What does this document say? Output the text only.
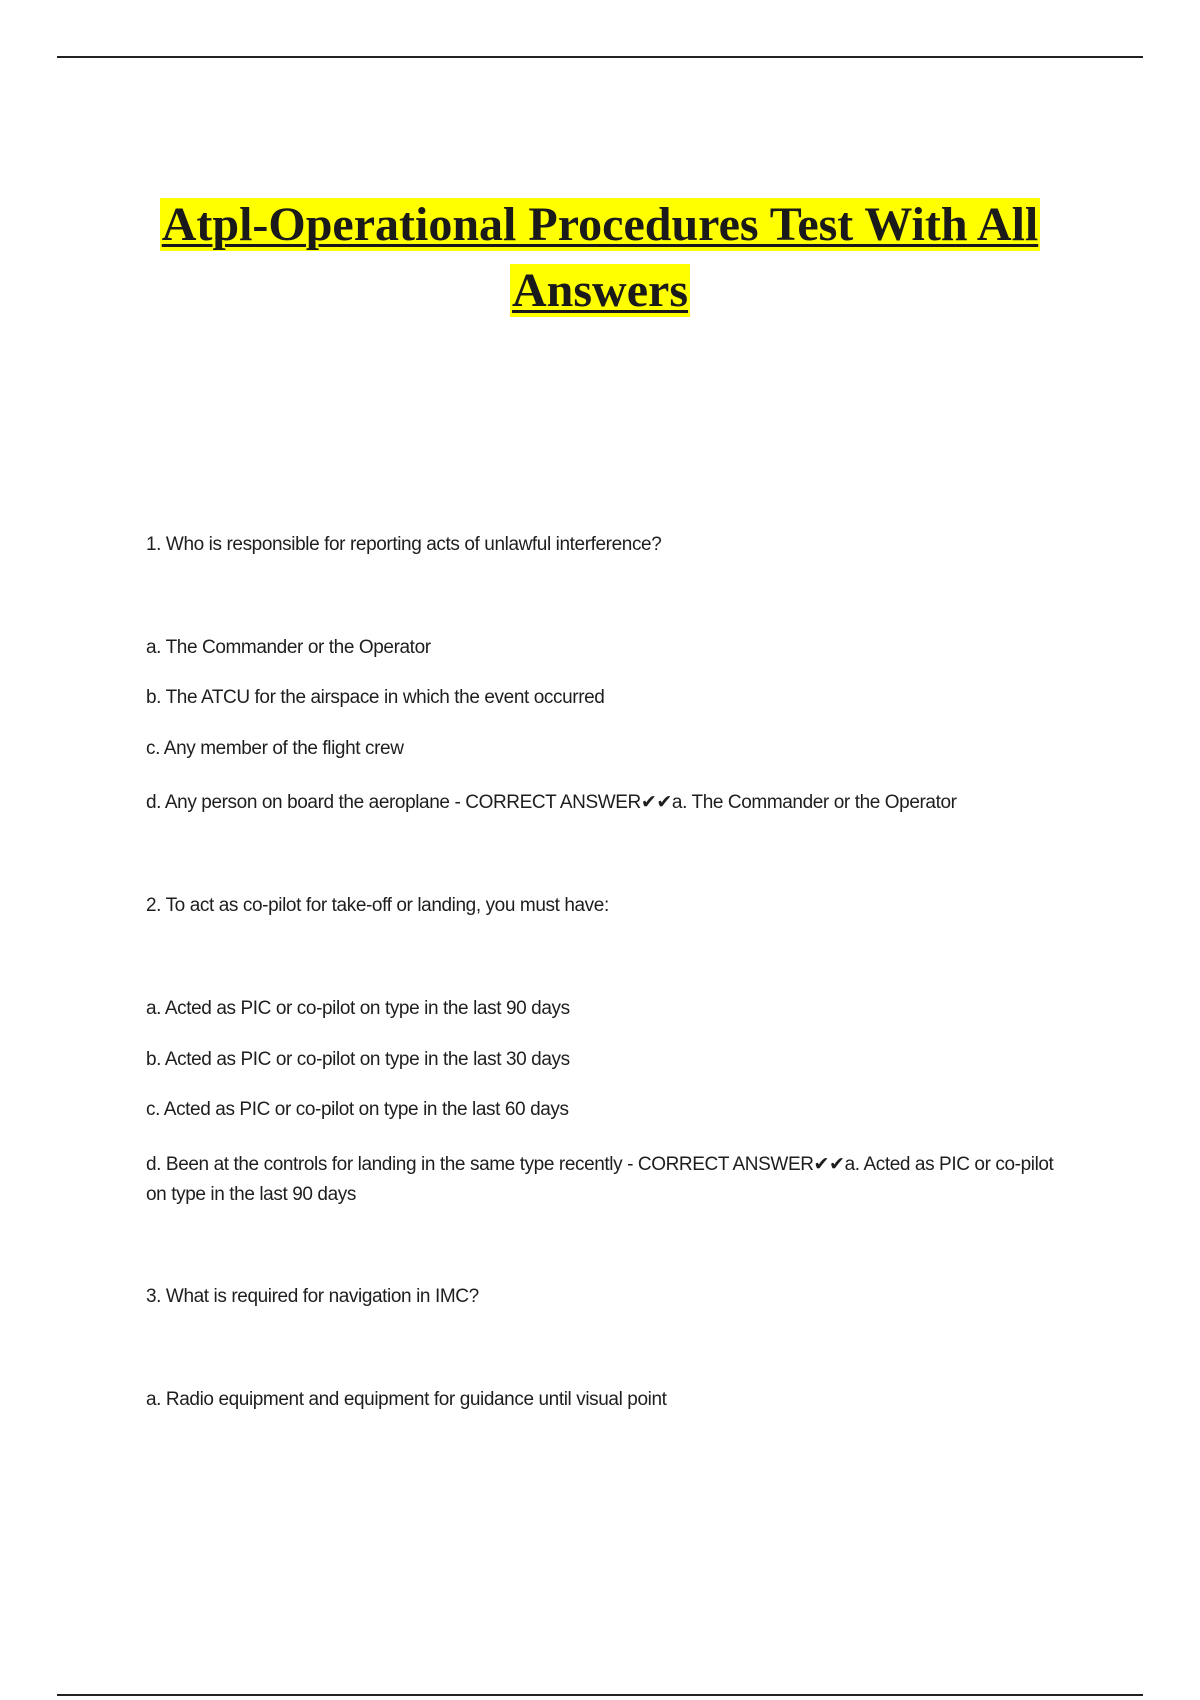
Atpl-Operational Procedures Test With All
Answers

1. Who is responsible for reporting acts of unlawful interference?

a. The Commander or the Operator

b. The ATCU for the airspace in which the event occurred

c. Any member of the flight crew

d. Any person on board the aeroplane - CORRECT ANSWER✔✔a. The Commander or the Operator

2. To act as co-pilot for take-off or landing, you must have:

a. Acted as PIC or co-pilot on type in the last 90 days

b. Acted as PIC or co-pilot on type in the last 30 days

c. Acted as PIC or co-pilot on type in the last 60 days

d. Been at the controls for landing in the same type recently - CORRECT ANSWER✔✔a. Acted as PIC or co-pilot on type in the last 90 days

3. What is required for navigation in IMC?

a. Radio equipment and equipment for guidance until visual point
